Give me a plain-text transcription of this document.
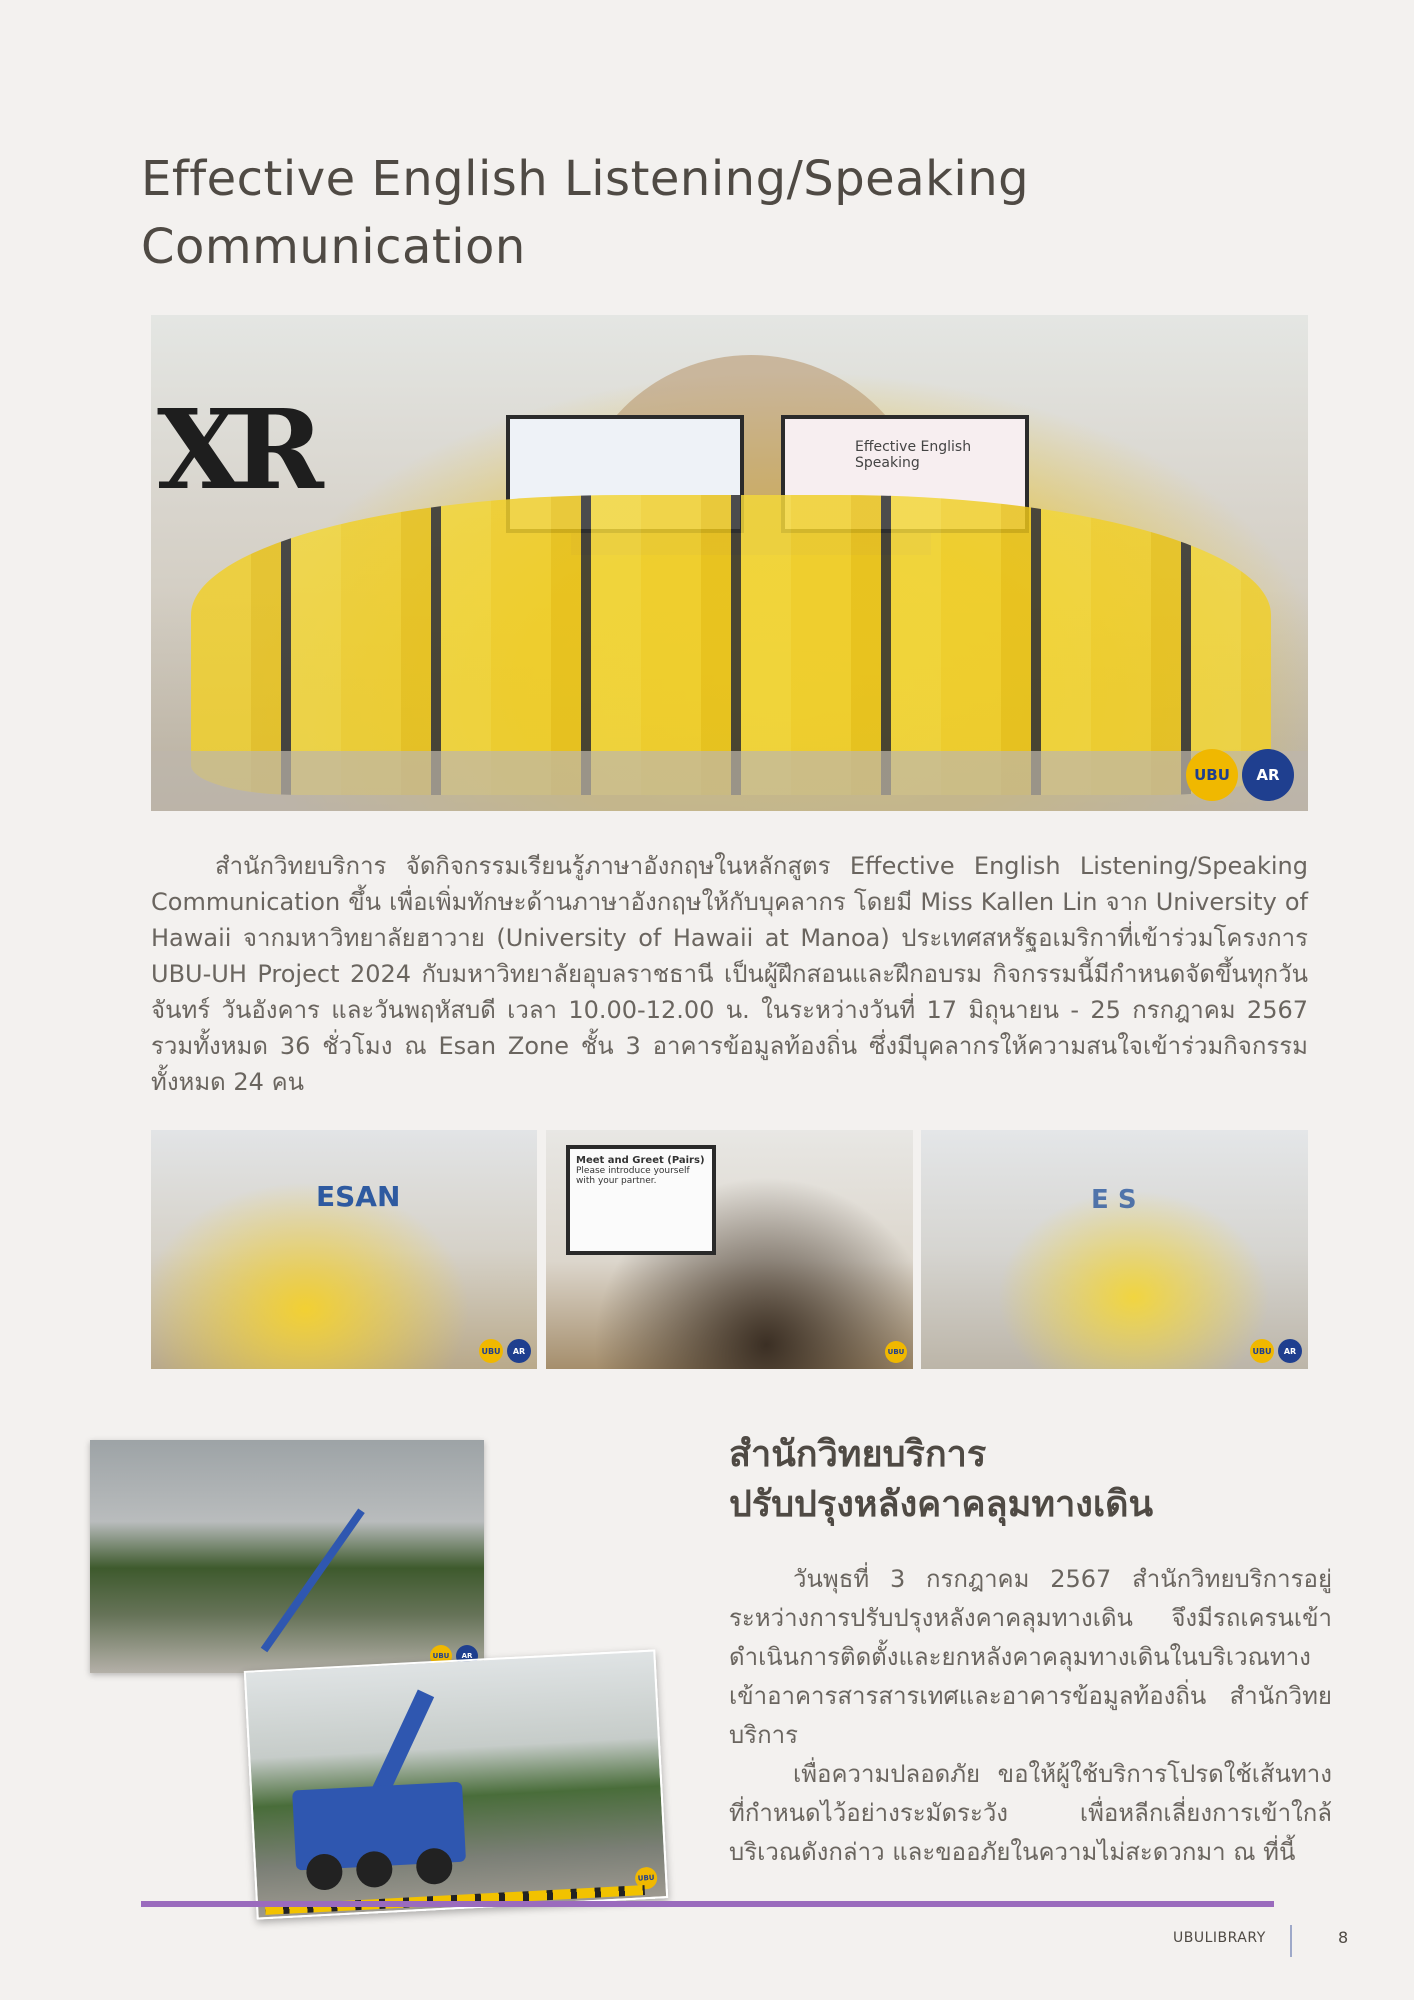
Effective English Listening/Speaking
Communication
Effective English Speaking
XR
UBU	AR

สำนักวิทยบริการ จัดกิจกรรมเรียนรู้ภาษาอังกฤษในหลักสูตร Effective English Listening/Speaking Communication ขึ้น เพื่อเพิ่มทักษะด้านภาษาอังกฤษให้กับบุคลากร โดยมี Miss Kallen Lin จาก University of Hawaii จากมหาวิทยาลัยฮาวาย (University of Hawaii at Manoa) ประเทศสหรัฐอเมริกาที่เข้าร่วมโครงการ UBU-UH Project 2024 กับมหาวิทยาลัยอุบลราชธานี เป็นผู้ฝึกสอนและฝึกอบรม กิจกรรมนี้มีกำหนดจัดขึ้นทุกวันจันทร์ วันอังคาร และวันพฤหัสบดี เวลา 10.00-12.00 น. ในระหว่างวันที่ 17 มิถุนายน - 25 กรกฎาคม 2567 รวมทั้งหมด 36 ชั่วโมง ณ Esan Zone ชั้น 3 อาคารข้อมูลท้องถิ่น ซึ่งมีบุคลากรให้ความสนใจเข้าร่วมกิจกรรมทั้งหมด 24 คน

ESAN
UBU	AR
Meet and Greet (Pairs)
Please introduce yourself with your partner.
UBU
E S
UBU	AR
UBU	AR
UBU
สำนักวิทยบริการ
ปรับปรุงหลังคาคลุมทางเดิน

วันพุธที่ 3 กรกฎาคม 2567 สำนักวิทยบริการอยู่ระหว่างการปรับปรุงหลังคาคลุมทางเดิน จึงมีรถเครนเข้าดำเนินการติดตั้งและยกหลังคาคลุมทางเดินในบริเวณทางเข้าอาคารสารสารเทศและอาคารข้อมูลท้องถิ่น สำนักวิทยบริการ

เพื่อความปลอดภัย ขอให้ผู้ใช้บริการโปรดใช้เส้นทางที่กำหนดไว้อย่างระมัดระวัง เพื่อหลีกเลี่ยงการเข้าใกล้บริเวณดังกล่าว และขออภัยในความไม่สะดวกมา ณ ที่นี้

UBULIBRARY	8
